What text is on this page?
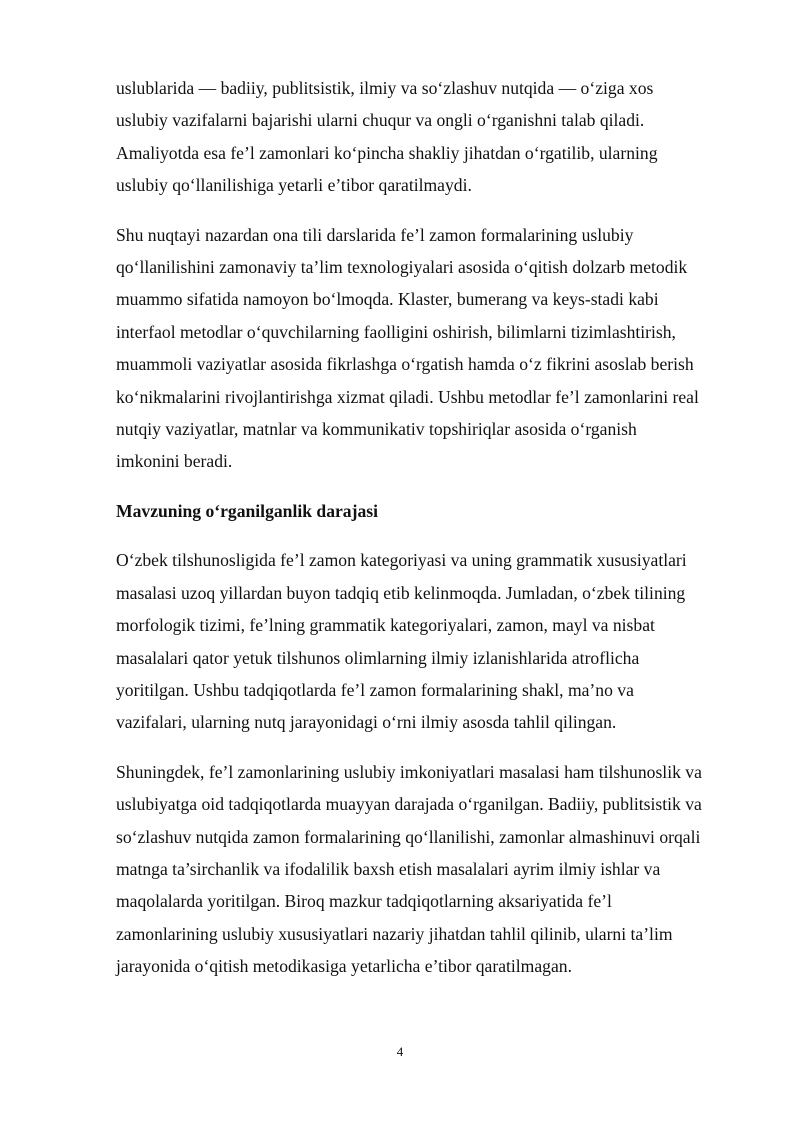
uslublarida — badiiy, publitsistik, ilmiy va so‘zlashuv nutqida — o‘ziga xos
uslubiy vazifalarni bajarishi ularni chuqur va ongli o‘rganishni talab qiladi.
Amaliyotda esa fe’l zamonlari ko‘pincha shakliy jihatdan o‘rgatilib, ularning
uslubiy qo‘llanilishiga yetarli e’tibor qaratilmaydi.

Shu nuqtayi nazardan ona tili darslarida fe’l zamon formalarining uslubiy
qo‘llanilishini zamonaviy ta’lim texnologiyalari asosida o‘qitish dolzarb metodik
muammo sifatida namoyon bo‘lmoqda. Klaster, bumerang va keys-stadi kabi
interfaol metodlar o‘quvchilarning faolligini oshirish, bilimlarni tizimlashtirish,
muammoli vaziyatlar asosida fikrlashga o‘rgatish hamda o‘z fikrini asoslab berish
ko‘nikmalarini rivojlantirishga xizmat qiladi. Ushbu metodlar fe’l zamonlarini real
nutqiy vaziyatlar, matnlar va kommunikativ topshiriqlar asosida o‘rganish
imkonini beradi.

Mavzuning o‘rganilganlik darajasi

O‘zbek tilshunosligida fe’l zamon kategoriyasi va uning grammatik xususiyatlari
masalasi uzoq yillardan buyon tadqiq etib kelinmoqda. Jumladan, o‘zbek tilining
morfologik tizimi, fe’lning grammatik kategoriyalari, zamon, mayl va nisbat
masalalari qator yetuk tilshunos olimlarning ilmiy izlanishlarida atroflicha
yoritilgan. Ushbu tadqiqotlarda fe’l zamon formalarining shakl, ma’no va
vazifalari, ularning nutq jarayonidagi o‘rni ilmiy asosda tahlil qilingan.

Shuningdek, fe’l zamonlarining uslubiy imkoniyatlari masalasi ham tilshunoslik va
uslubiyatga oid tadqiqotlarda muayyan darajada o‘rganilgan. Badiiy, publitsistik va
so‘zlashuv nutqida zamon formalarining qo‘llanilishi, zamonlar almashinuvi orqali
matnga ta’sirchanlik va ifodalilik baxsh etish masalalari ayrim ilmiy ishlar va
maqolalarda yoritilgan. Biroq mazkur tadqiqotlarning aksariyatida fe’l
zamonlarining uslubiy xususiyatlari nazariy jihatdan tahlil qilinib, ularni ta’lim
jarayonida o‘qitish metodikasiga yetarlicha e’tibor qaratilmagan.

4
